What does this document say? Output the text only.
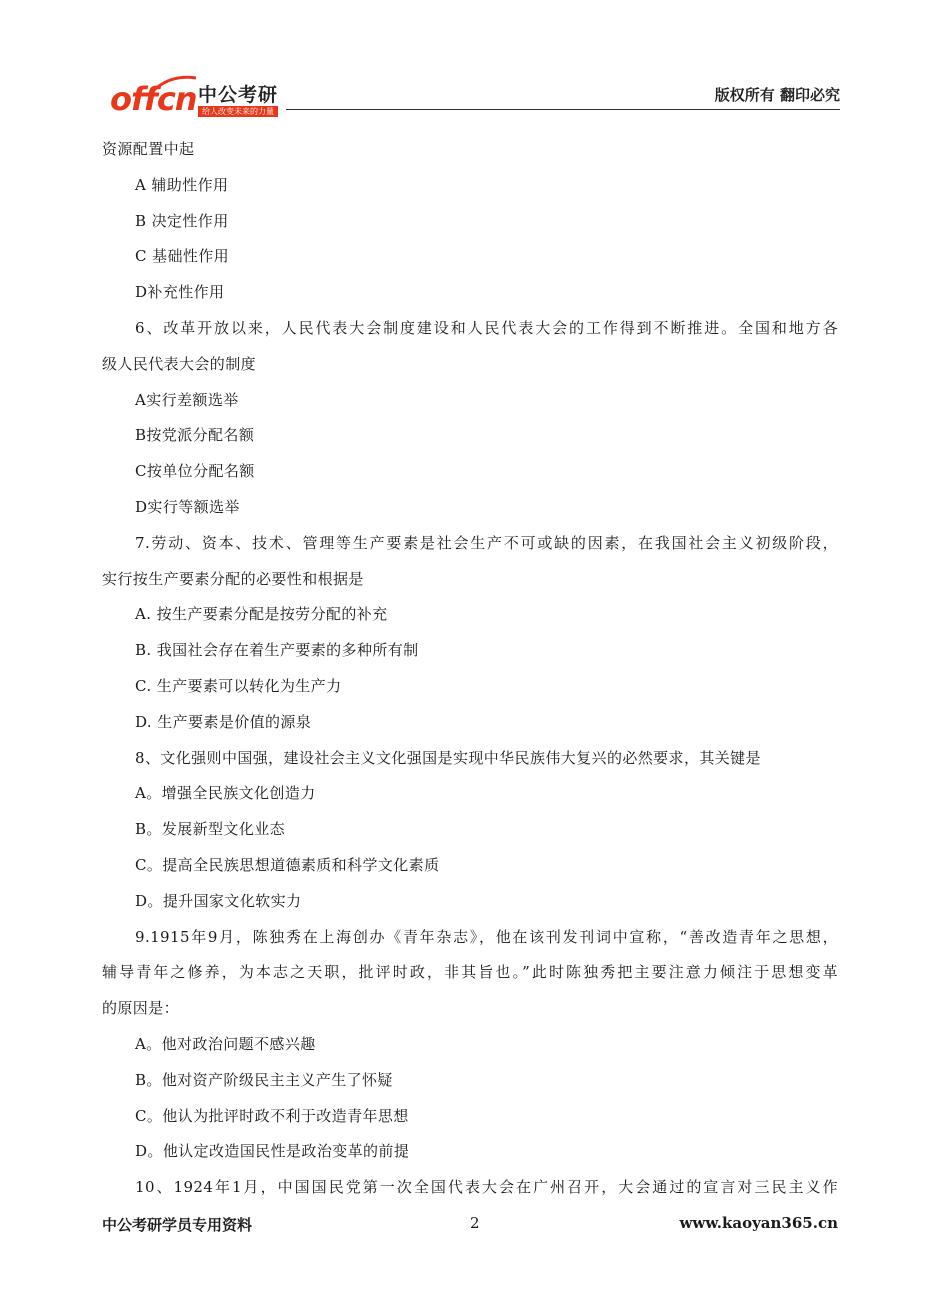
offcn 中公考研
给人改变未来的力量
版权所有 翻印必究
资源配置中起
A 辅助性作用
B 决定性作用
C 基础性作用
D补充性作用
6、改革开放以来，人民代表大会制度建设和人民代表大会的工作得到不断推进。全国和地方各
级人民代表大会的制度
A实行差额选举
B按党派分配名额
C按单位分配名额
D实行等额选举
7.劳动、资本、技术、管理等生产要素是社会生产不可或缺的因素，在我国社会主义初级阶段，
实行按生产要素分配的必要性和根据是
A. 按生产要素分配是按劳分配的补充
B. 我国社会存在着生产要素的多种所有制
C. 生产要素可以转化为生产力
D. 生产要素是价值的源泉
8、文化强则中国强，建设社会主义文化强国是实现中华民族伟大复兴的必然要求，其关键是
A。增强全民族文化创造力
B。发展新型文化业态
C。提高全民族思想道德素质和科学文化素质
D。提升国家文化软实力
9.1915年9月，陈独秀在上海创办《青年杂志》，他在该刊发刊词中宣称，“善改造青年之思想，
辅导青年之修养，为本志之天职，批评时政，非其旨也。”此时陈独秀把主要注意力倾注于思想变革
的原因是：
A。他对政治问题不感兴趣
B。他对资产阶级民主主义产生了怀疑
C。他认为批评时政不利于改造青年思想
D。他认定改造国民性是政治变革的前提
10、1924年1月，中国国民党第一次全国代表大会在广州召开，大会通过的宣言对三民主义作
中公考研学员专用资料	2	www.kaoyan365.cn
